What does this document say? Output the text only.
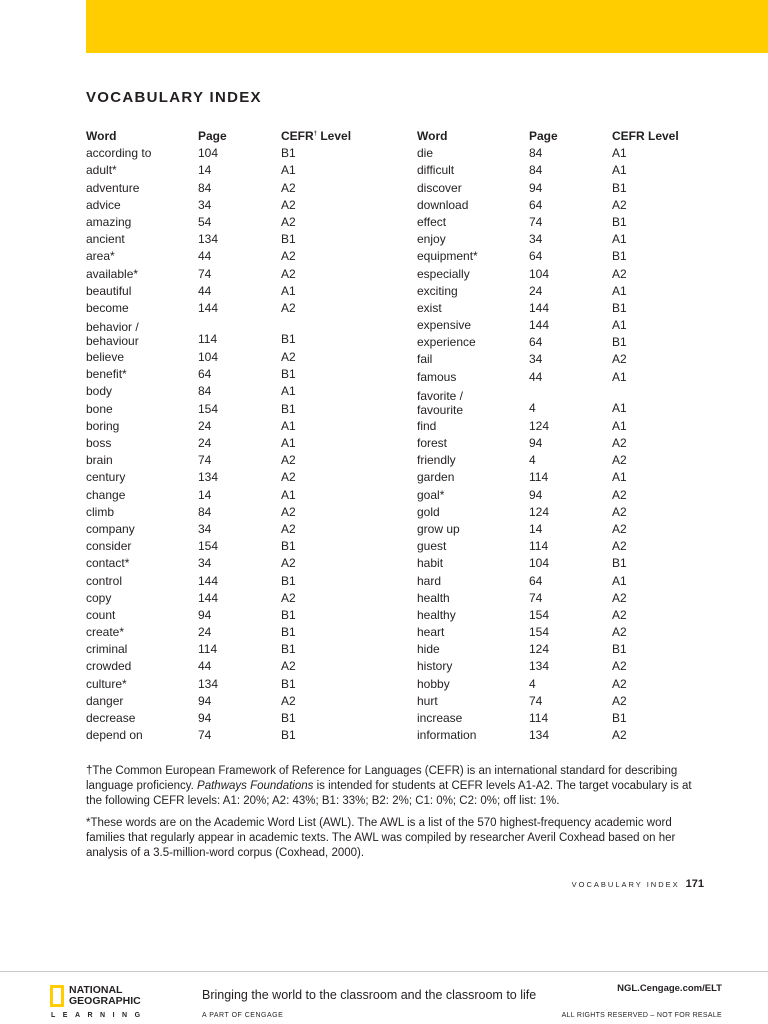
VOCABULARY INDEX
Word	Page	CEFR† Level
according to	104	B1
adult*	14	A1
adventure	84	A2
advice	34	A2
amazing	54	A2
ancient	134	B1
area*	44	A2
available*	74	A2
beautiful	44	A1
become	144	A2
behavior /
behaviour	114	B1
believe	104	A2
benefit*	64	B1
body	84	A1
bone	154	B1
boring	24	A1
boss	24	A1
brain	74	A2
century	134	A2
change	14	A1
climb	84	A2
company	34	A2
consider	154	B1
contact*	34	A2
control	144	B1
copy	144	A2
count	94	B1
create*	24	B1
criminal	114	B1
crowded	44	A2
culture*	134	B1
danger	94	A2
decrease	94	B1
depend on	74	B1
Word	Page	CEFR Level
die	84	A1
difficult	84	A1
discover	94	B1
download	64	A2
effect	74	B1
enjoy	34	A1
equipment*	64	B1
especially	104	A2
exciting	24	A1
exist	144	B1
expensive	144	A1
experience	64	B1
fail	34	A2
famous	44	A1
favorite /
favourite	4	A1
find	124	A1
forest	94	A2
friendly	4	A2
garden	114	A1
goal*	94	A2
gold	124	A2
grow up	14	A2
guest	114	A2
habit	104	B1
hard	64	A1
health	74	A2
healthy	154	A2
heart	154	A2
hide	124	B1
history	134	A2
hobby	4	A2
hurt	74	A2
increase	114	B1
information	134	A2

†The Common European Framework of Reference for Languages (CEFR) is an international standard for describing language proficiency. Pathways Foundations is intended for students at CEFR levels A1-A2. The target vocabulary is at the following CEFR levels: A1: 20%; A2: 43%; B1: 33%; B2: 2%; C1: 0%; C2: 0%; off list: 1%.

*These words are on the Academic Word List (AWL). The AWL is a list of the 570 highest-frequency academic word families that regularly appear in academic texts. The AWL was compiled by researcher Averil Coxhead based on her analysis of a 3.5-million-word corpus (Coxhead, 2000).

VOCABULARY INDEX 171
NATIONAL
GEOGRAPHIC
LEARNING
Bringing the world to the classroom and the classroom to life
A PART OF CENGAGE
NGL.Cengage.com/ELT
ALL RIGHTS RESERVED – NOT FOR RESALE
